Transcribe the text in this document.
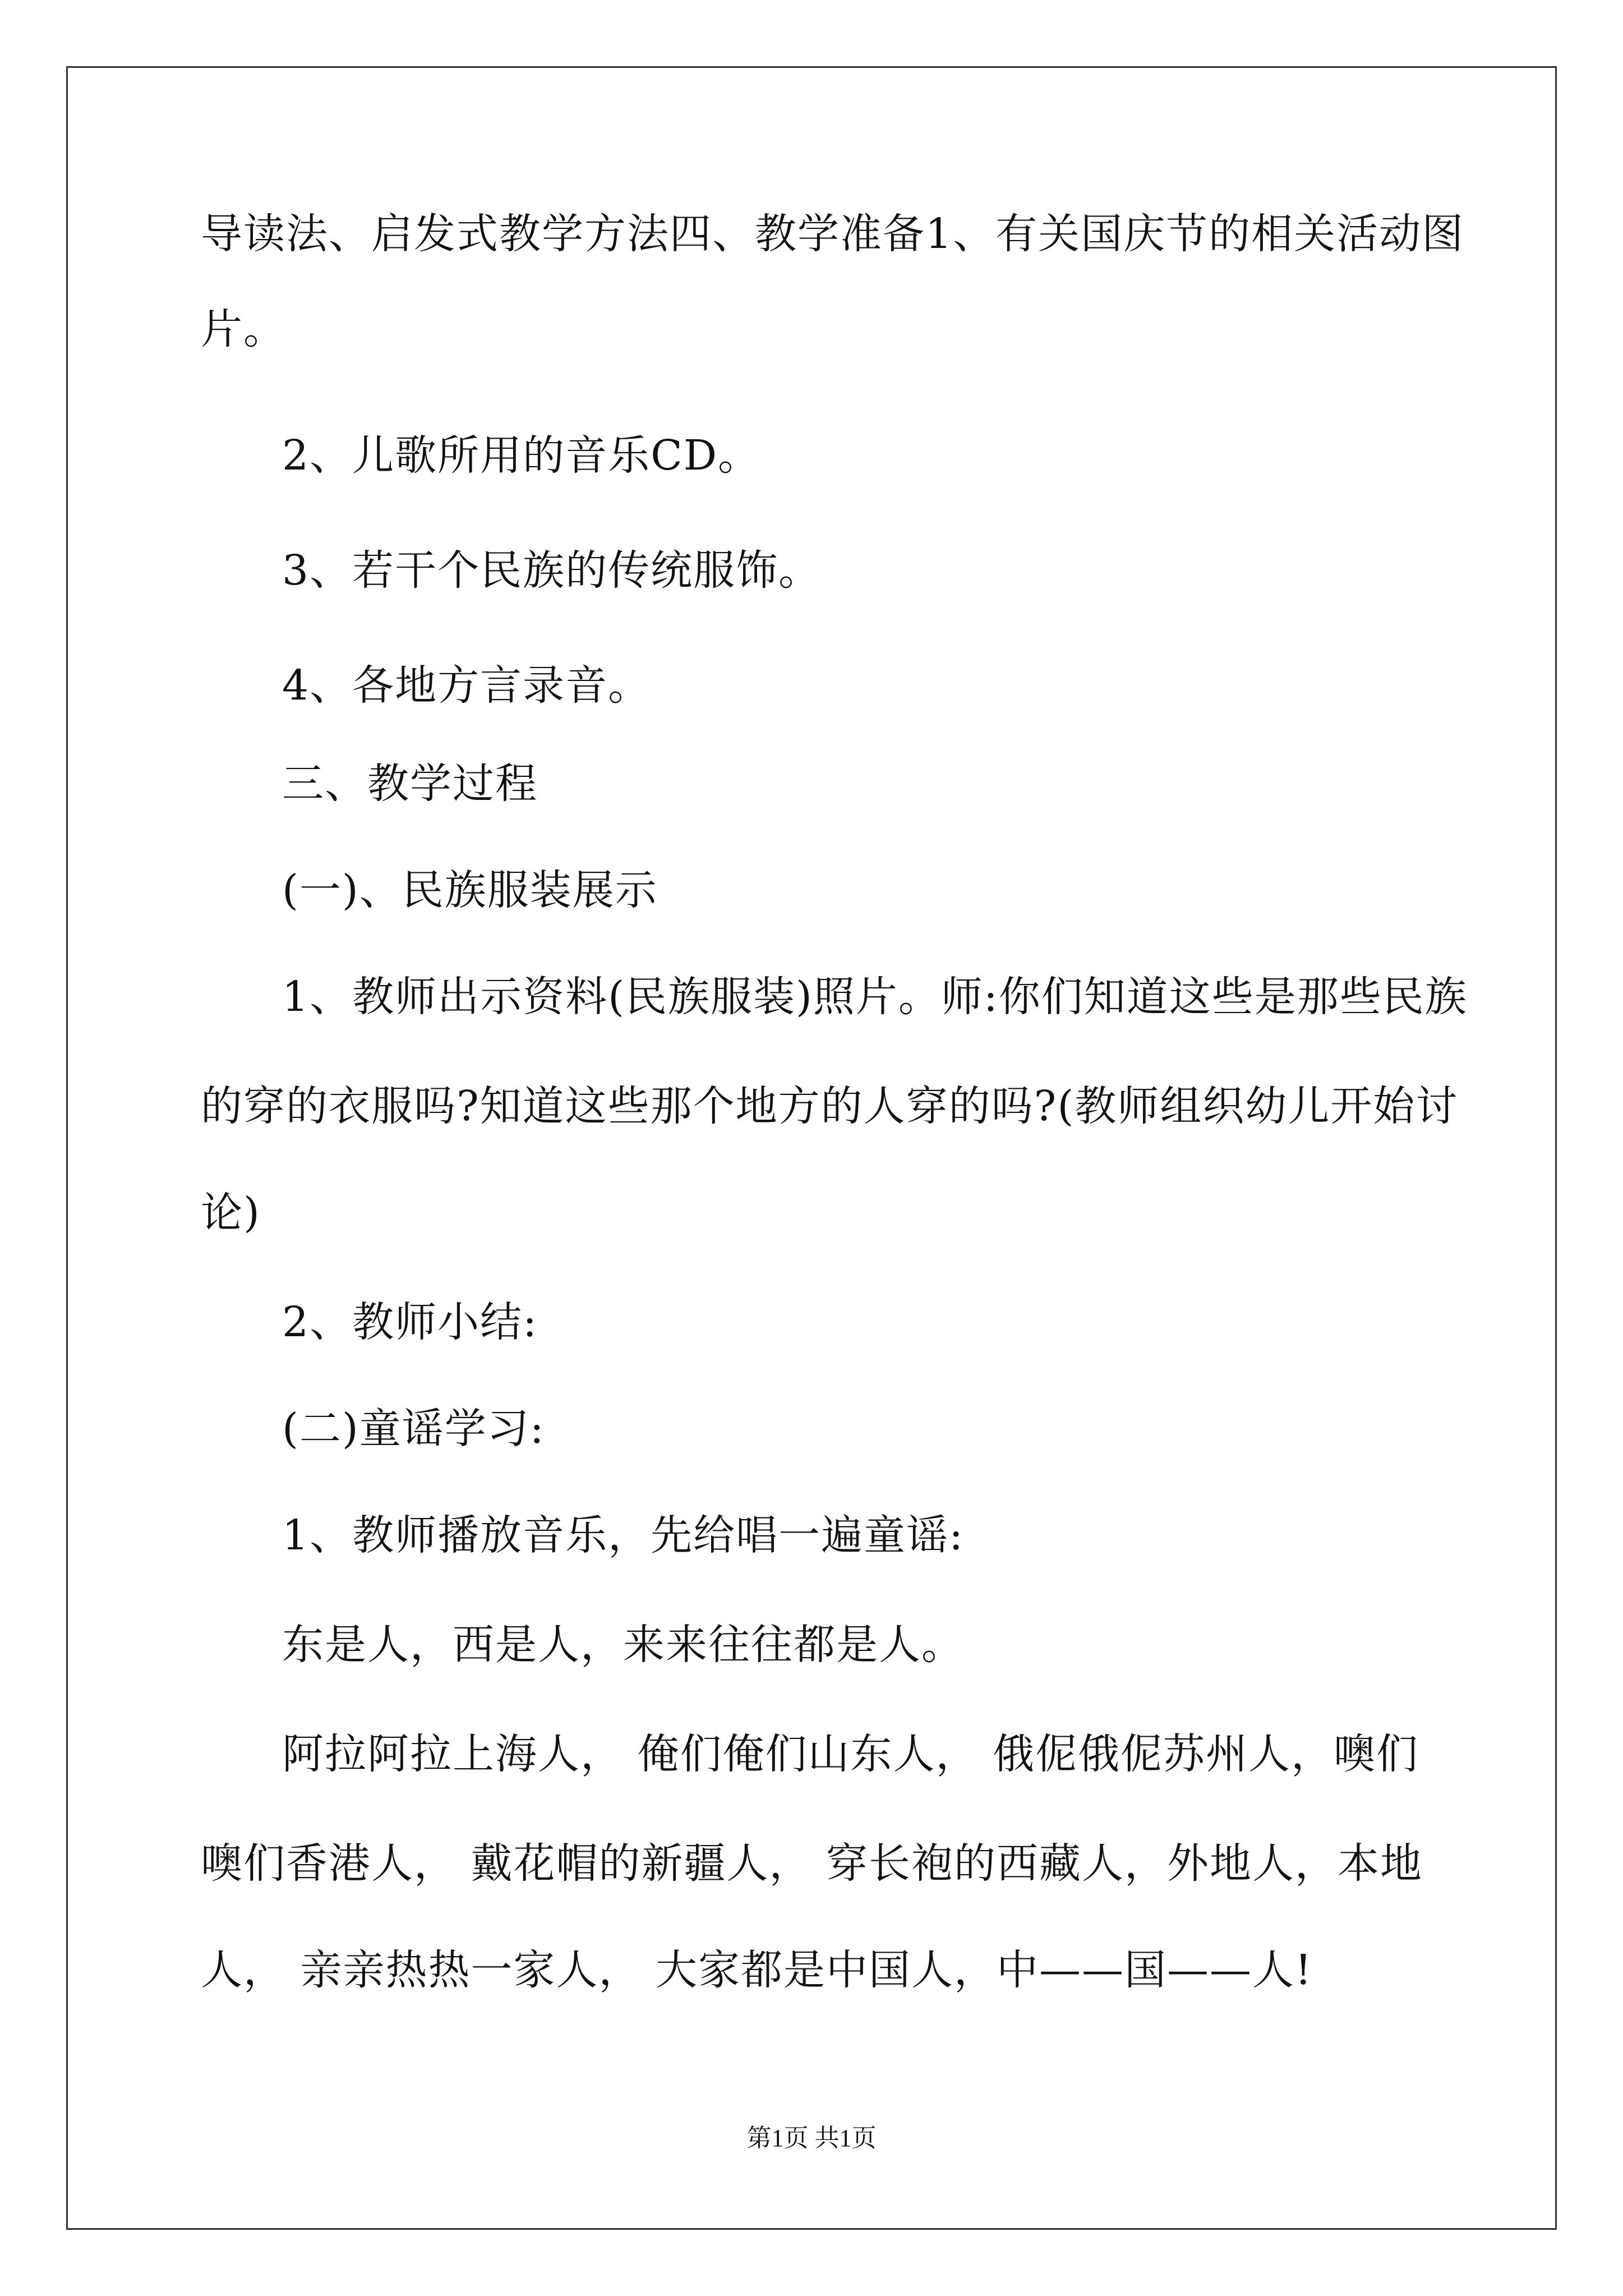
导读法、启发式教学方法四、教学准备1、有关国庆节的相关活动图
片。
2、儿歌所用的音乐CD。
3、若干个民族的传统服饰。
4、各地方言录音。
三、教学过程
(一)、民族服装展示
1、教师出示资料(民族服装)照片。师:你们知道这些是那些民族
的穿的衣服吗?知道这些那个地方的人穿的吗?(教师组织幼儿开始讨
论)
2、教师小结:
(二)童谣学习:
1、教师播放音乐，先给唱一遍童谣:
东是人，西是人，来来往往都是人。
阿拉阿拉上海人， 俺们俺们山东人， 俄伲俄伲苏州人，噢们
噢们香港人， 戴花帽的新疆人， 穿长袍的西藏人，外地人，本地
人， 亲亲热热一家人， 大家都是中国人，中——国——人!
第1页 共1页
